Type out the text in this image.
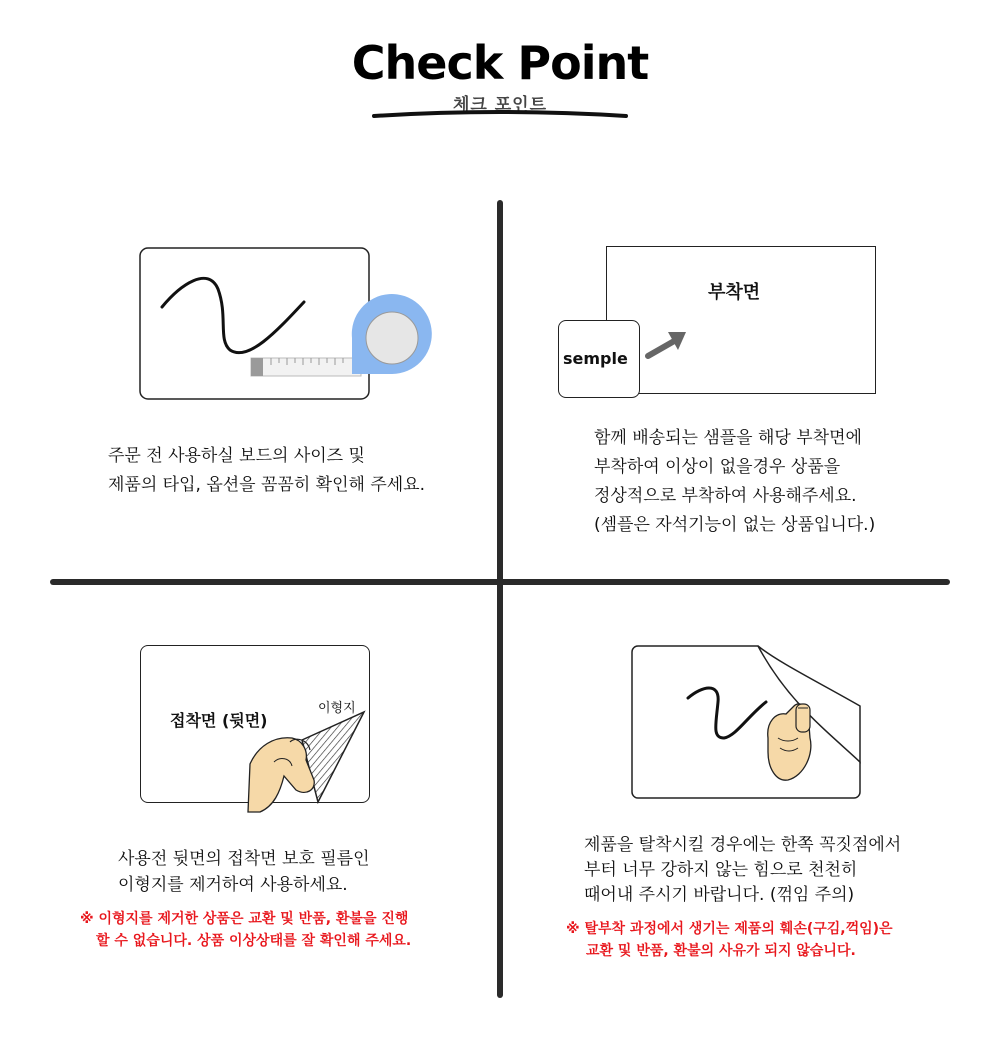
Check Point
체크 포인트
주문 전 사용하실 보드의 사이즈 및
제품의 타입, 옵션을 꼼꼼히 확인해 주세요.
부착면
semple
함께 배송되는 샘플을 해당 부착면에
부착하여 이상이 없을경우 상품을
정상적으로 부착하여 사용해주세요.
(셈플은 자석기능이 없는 상품입니다.)
접착면 (뒷면)
이형지
사용전 뒷면의 접착면 보호 필름인
이형지를 제거하여 사용하세요.
※ 이형지를 제거한 상품은 교환 및 반품, 환불을 진행
할 수 없습니다. 상품 이상상태를 잘 확인해 주세요.
제품을 탈착시킬 경우에는 한쪽 꼭짓점에서
부터 너무 강하지 않는 힘으로 천천히
때어내 주시기 바랍니다. (꺾임 주의)
※ 탈부착 과정에서 생기는 제품의 훼손(구김,꺽임)은
교환 및 반품, 환불의 사유가 되지 않습니다.
